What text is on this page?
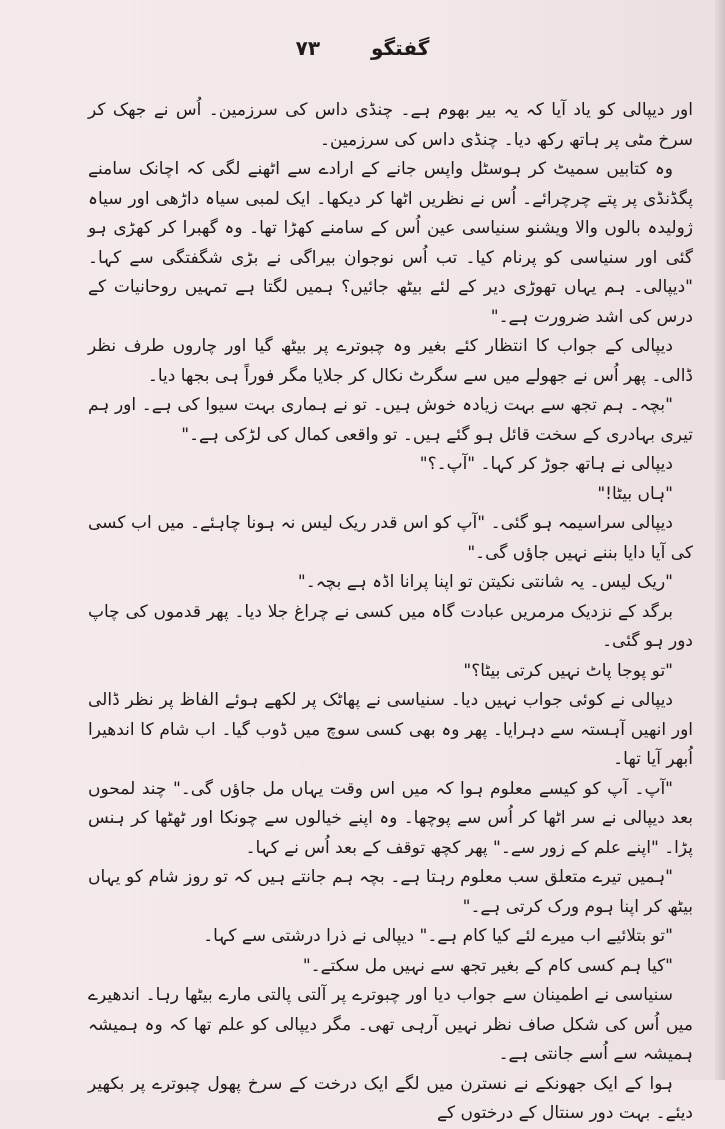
گفتگو ۷۳

اور دیپالی کو یاد آیا کہ یہ بیر بھوم ہے۔ چنڈی داس کی سرزمین۔ اُس نے جھک کر سرخ مٹی پر ہاتھ رکھ دیا۔ چنڈی داس کی سرزمین۔

وہ کتابیں سمیٹ کر ہوسٹل واپس جانے کے ارادے سے اٹھنے لگی کہ اچانک سامنے پگڈنڈی پر پتے چرچرائے۔ اُس نے نظریں اٹھا کر دیکھا۔ ایک لمبی سیاہ داڑھی اور سیاہ ژولیدہ بالوں والا ویشنو سنیاسی عین اُس کے سامنے کھڑا تھا۔ وہ گھبرا کر کھڑی ہو گئی اور سنیاسی کو پرنام کیا۔ تب اُس نوجوان بیراگی نے بڑی شگفتگی سے کہا۔ "دیپالی۔ ہم یہاں تھوڑی دیر کے لئے بیٹھ جائیں؟ ہمیں لگتا ہے تمہیں روحانیات کے درس کی اشد ضرورت ہے۔"

دیپالی کے جواب کا انتظار کئے بغیر وہ چبوترے پر بیٹھ گیا اور چاروں طرف نظر ڈالی۔ پھر اُس نے جھولے میں سے سگرٹ نکال کر جلایا مگر فوراً ہی بجھا دیا۔

"بچہ۔ ہم تجھ سے بہت زیادہ خوش ہیں۔ تو نے ہماری بہت سیوا کی ہے۔ اور ہم تیری بہادری کے سخت قائل ہو گئے ہیں۔ تو واقعی کمال کی لڑکی ہے۔"

دیپالی نے ہاتھ جوڑ کر کہا۔ "آپ۔؟"

"ہاں بیٹا!"

دیپالی سراسیمہ ہو گئی۔ "آپ کو اس قدر ریک لیس نہ ہونا چاہئے۔ میں اب کسی کی آیا دایا بننے نہیں جاؤں گی۔"

"ریک لیس۔ یہ شانتی نکیتن تو اپنا پرانا اڈہ ہے بچہ۔"

برگد کے نزدیک مرمریں عبادت گاہ میں کسی نے چراغ جلا دیا۔ پھر قدموں کی چاپ دور ہو گئی۔

"تو پوجا پاٹ نہیں کرتی بیٹا؟"

دیپالی نے کوئی جواب نہیں دیا۔ سنیاسی نے پھاٹک پر لکھے ہوئے الفاظ پر نظر ڈالی اور انھیں آہستہ سے دہرایا۔ پھر وہ بھی کسی سوچ میں ڈوب گیا۔ اب شام کا اندھیرا اُبھر آیا تھا۔

"آپ۔ آپ کو کیسے معلوم ہوا کہ میں اس وقت یہاں مل جاؤں گی۔" چند لمحوں بعد دیپالی نے سر اٹھا کر اُس سے پوچھا۔ وہ اپنے خیالوں سے چونکا اور ٹھٹھا کر ہنس پڑا۔ "اپنے علم کے زور سے۔" پھر کچھ توقف کے بعد اُس نے کہا۔

"ہمیں تیرے متعلق سب معلوم رہتا ہے۔ بچہ ہم جانتے ہیں کہ تو روز شام کو یہاں بیٹھ کر اپنا ہوم ورک کرتی ہے۔"

"تو بتلائیے اب میرے لئے کیا کام ہے۔" دیپالی نے ذرا درشتی سے کہا۔

"کیا ہم کسی کام کے بغیر تجھ سے نہیں مل سکتے۔"

سنیاسی نے اطمینان سے جواب دیا اور چبوترے پر آلتی پالتی مارے بیٹھا رہا۔ اندھیرے میں اُس کی شکل صاف نظر نہیں آرہی تھی۔ مگر دیپالی کو علم تھا کہ وہ ہمیشہ ہمیشہ سے اُسے جانتی ہے۔

ہوا کے ایک جھونکے نے نسترن میں لگے ایک درخت کے سرخ پھول چبوترے پر بکھیر دیئے۔ بہت دور سنتال کے درختوں کے
